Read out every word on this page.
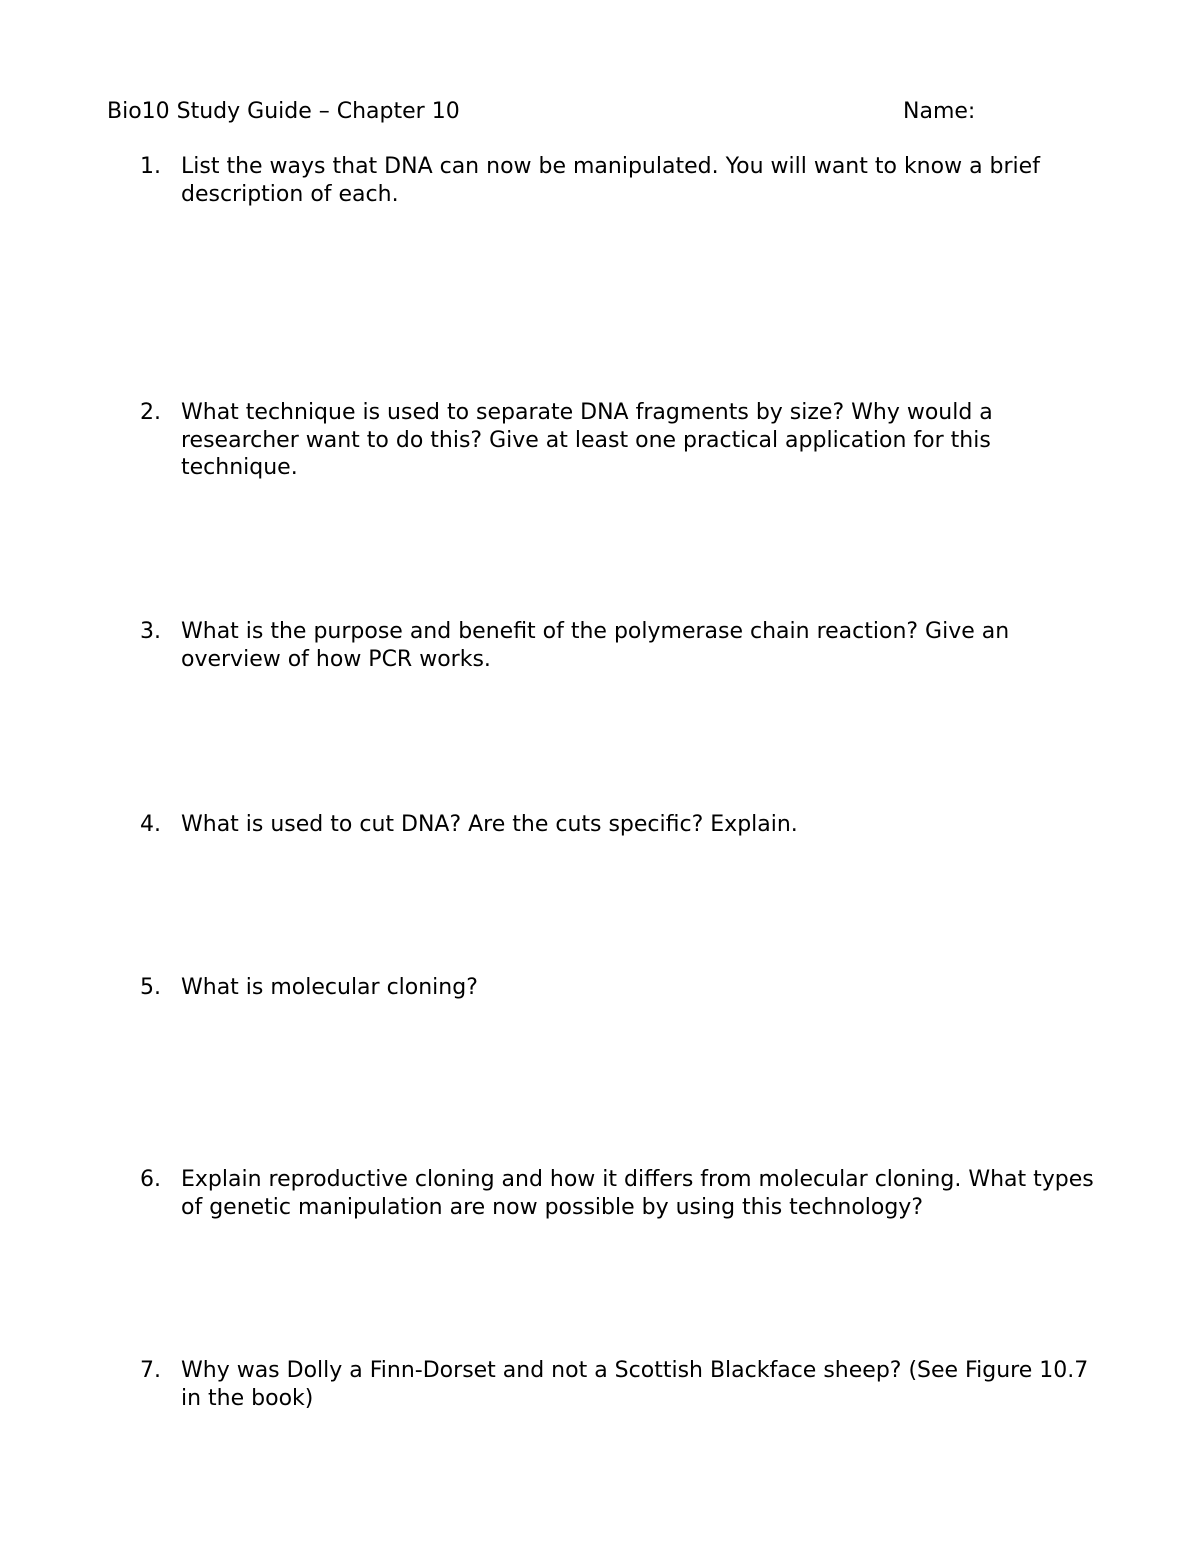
Bio10 Study Guide – Chapter 10	Name:
1. List the ways that DNA can now be manipulated. You will want to know a brief description of each.
2. What technique is used to separate DNA fragments by size? Why would a researcher want to do this? Give at least one practical application for this technique.
3. What is the purpose and benefit of the polymerase chain reaction? Give an overview of how PCR works.
4. What is used to cut DNA? Are the cuts specific? Explain.
5. What is molecular cloning?
6. Explain reproductive cloning and how it differs from molecular cloning. What types of genetic manipulation are now possible by using this technology?
7. Why was Dolly a Finn-Dorset and not a Scottish Blackface sheep? (See Figure 10.7 in the book)
